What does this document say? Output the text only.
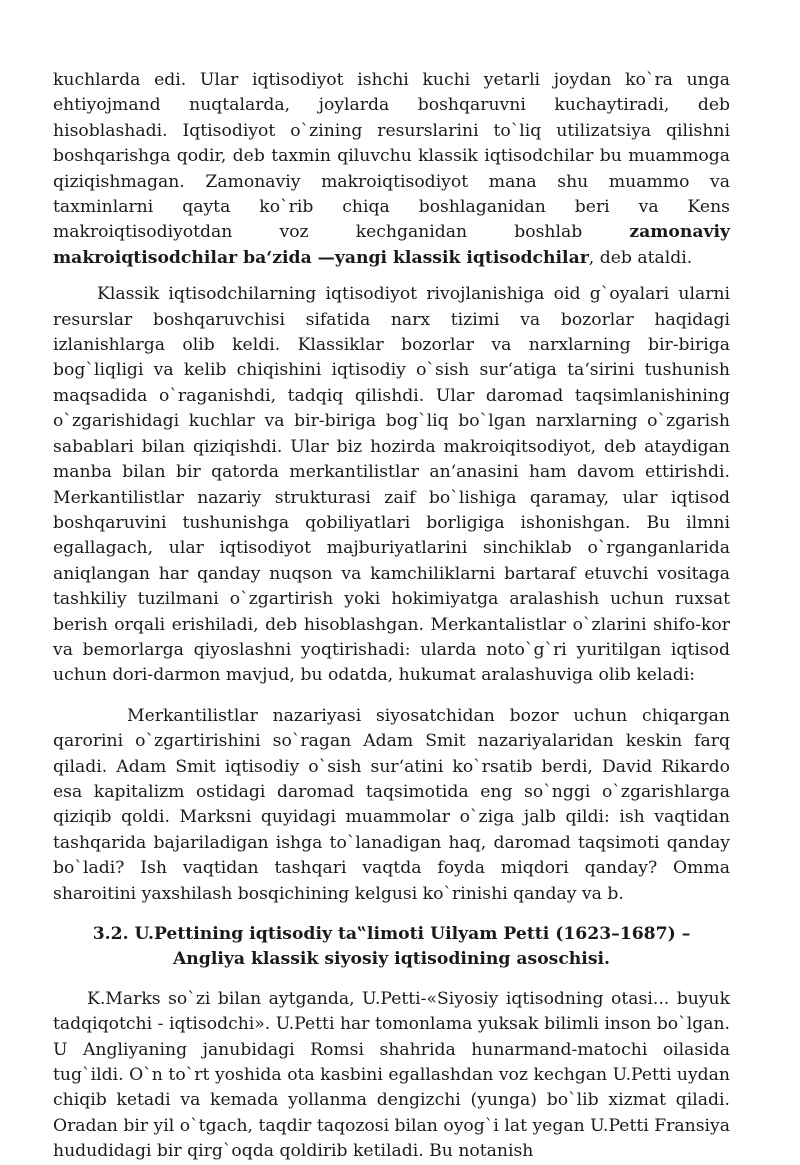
kuchlarda edi. Ular iqtisodiyot ishchi kuchi yetarli joydan ko`ra unga ehtiyojmand nuqtalarda, joylarda boshqaruvni kuchaytiradi, deb hisoblashadi. Iqtisodiyot o`zining resurslarini to`liq utilizatsiya qilishni boshqarishga qodir, deb taxmin qiluvchu klassik iqtisodchilar bu muammoga qiziqishmagan. Zamonaviy makroiqtisodiyot mana shu muammo va taxminlarni qayta ko`rib chiqa boshlaganidan beri va Kens makroiqtisodiyotdan voz kechganidan boshlab zamonaviy makroiqtisodchilar ba‘zida —yangi klassik iqtisodchilar, deb ataldi.

Klassik iqtisodchilarning iqtisodiyot rivojlanishiga oid g`oyalari ularni resurslar boshqaruvchisi sifatida narx tizimi va bozorlar haqidagi izlanishlarga olib keldi. Klassiklar bozorlar va narxlarning bir-biriga bog`liqligi va kelib chiqishini iqtisodiy o`sish sur‘atiga ta‘sirini tushunish maqsadida o`raganishdi, tadqiq qilishdi. Ular daromad taqsimlanishining o`zgarishidagi kuchlar va bir-biriga bog`liq bo`lgan narxlarning o`zgarish sabablari bilan qiziqishdi. Ular biz hozirda makroiqitsodiyot, deb ataydigan manba bilan bir qatorda merkantilistlar an‘anasini ham davom ettirishdi. Merkantilistlar nazariy strukturasi zaif bo`lishiga qaramay, ular iqtisod boshqaruvini tushunishga qobiliyatlari borligiga ishonishgan. Bu ilmni egallagach, ular iqtisodiyot majburiyatlarini sinchiklab o`rganganlarida aniqlangan har qanday nuqson va kamchiliklarni bartaraf etuvchi vositaga tashkiliy tuzilmani o`zgartirish yoki hokimiyatga aralashish uchun ruxsat berish orqali erishiladi, deb hisoblashgan. Merkantalistlar o`zlarini shifo-kor va bemorlarga qiyoslashni yoqtirishadi: ularda noto`g`ri yuritilgan iqtisod uchun dori-darmon mavjud, bu odatda, hukumat aralashuviga olib keladi:

Merkantilistlar nazariyasi siyosatchidan bozor uchun chiqargan qarorini o`zgartirishini so`ragan Adam Smit nazariyalaridan keskin farq qiladi. Adam Smit iqtisodiy o`sish sur‘atini ko`rsatib berdi, David Rikardo esa kapitalizm ostidagi daromad taqsimotida eng so`nggi o`zgarishlarga qiziqib qoldi. Marksni quyidagi muammolar o`ziga jalb qildi: ish vaqtidan tashqarida bajariladigan ishga to`lanadigan haq, daromad taqsimoti qanday bo`ladi? Ish vaqtidan tashqari vaqtda foyda miqdori qanday? Omma sharoitini yaxshilash bosqichining kelgusi ko`rinishi qanday va b.

3.2. U.Pettining iqtisodiy ta‟limoti Uilyam Petti (1623–1687) – Angliya klassik siyosiy iqtisodining asoschisi.

K.Marks so`zi bilan aytganda, U.Petti-«Siyosiy iqtisodning otasi... buyuk tadqiqotchi - iqtisodchi». U.Petti har tomonlama yuksak bilimli inson bo`lgan. U Angliyaning janubidagi Romsi shahrida hunarmand-matochi oilasida tug`ildi. O`n to`rt yoshida ota kasbini egallashdan voz kechgan U.Petti uydan chiqib ketadi va kemada yollanma dengizchi (yunga) bo`lib xizmat qiladi. Oradan bir yil o`tgach, taqdir taqozosi bilan oyog`i lat yegan U.Petti Fransiya hududidagi bir qirg`oqda qoldirib ketiladi. Bu notanish
